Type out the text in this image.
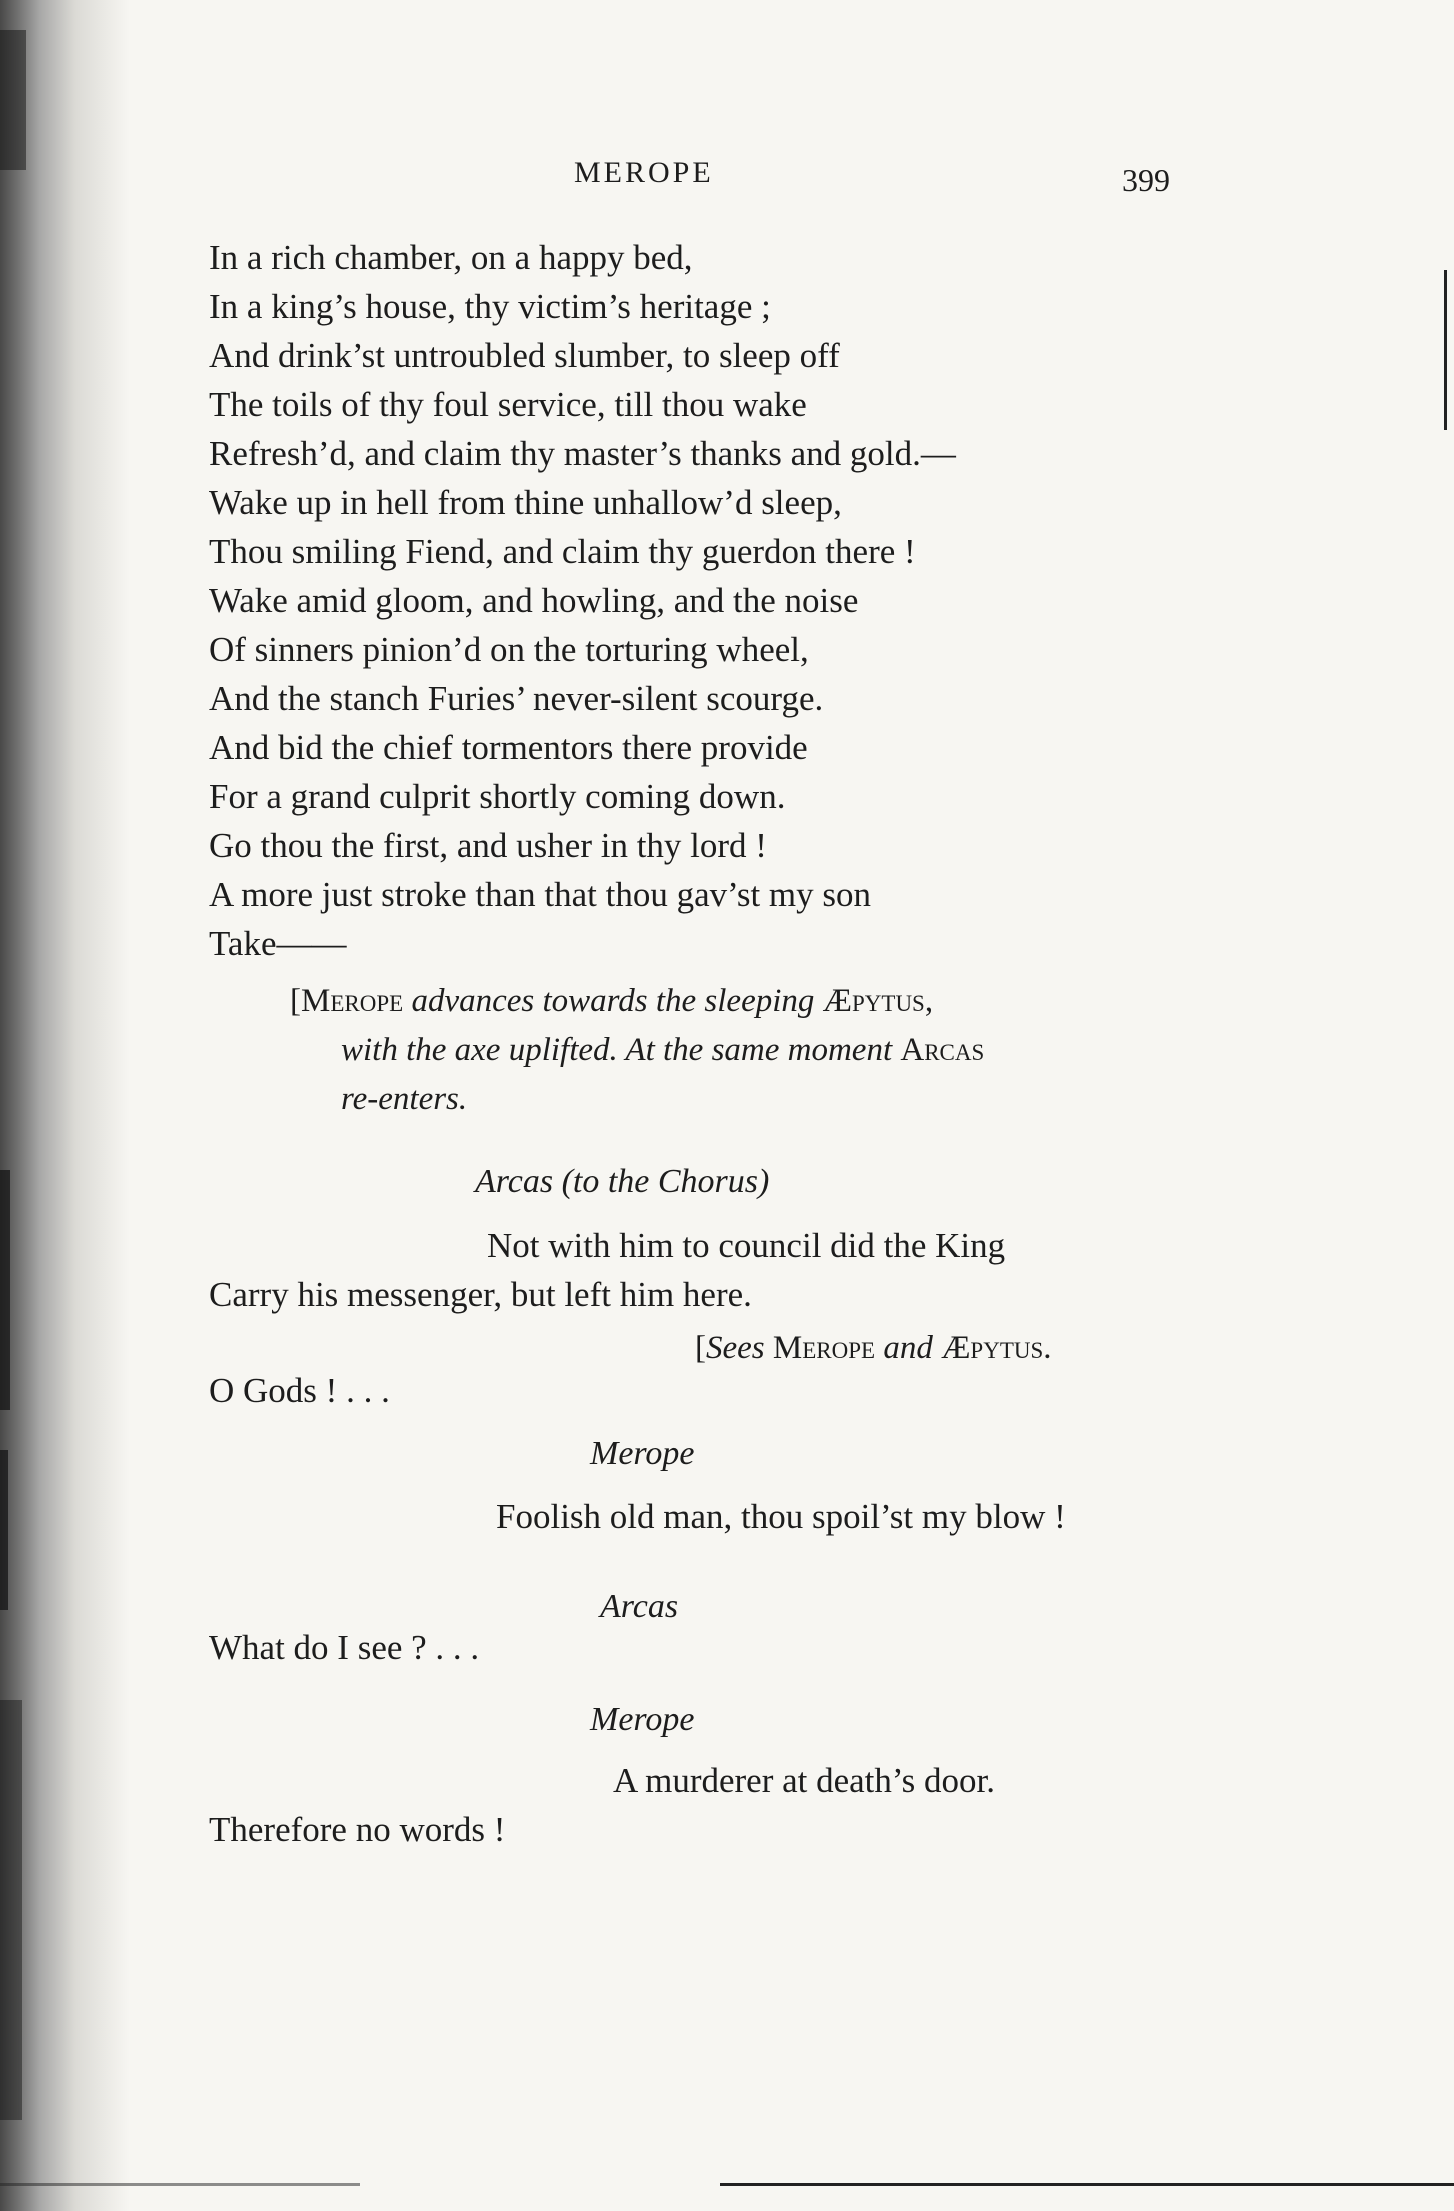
MEROPE	399
In a rich chamber, on a happy bed,
In a king’s house, thy victim’s heritage ;
And drink’st untroubled slumber, to sleep off
The toils of thy foul service, till thou wake
Refresh’d, and claim thy master’s thanks and gold.—
Wake up in hell from thine unhallow’d sleep,
Thou smiling Fiend, and claim thy guerdon there !
Wake amid gloom, and howling, and the noise
Of sinners pinion’d on the torturing wheel,
And the stanch Furies’ never-silent scourge.
And bid the chief tormentors there provide
For a grand culprit shortly coming down.
Go thou the first, and usher in thy lord !
A more just stroke than that thou gav’st my son
Take——
[Merope advances towards the sleeping Æpytus,
with the axe uplifted. At the same moment Arcas
re-enters.
Arcas (to the Chorus)
Not with him to council did the King
Carry his messenger, but left him here.
[Sees Merope and Æpytus.
O Gods ! . . .
Merope
Foolish old man, thou spoil’st my blow !
Arcas
What do I see ? . . .
Merope
A murderer at death’s door.
Therefore no words !
